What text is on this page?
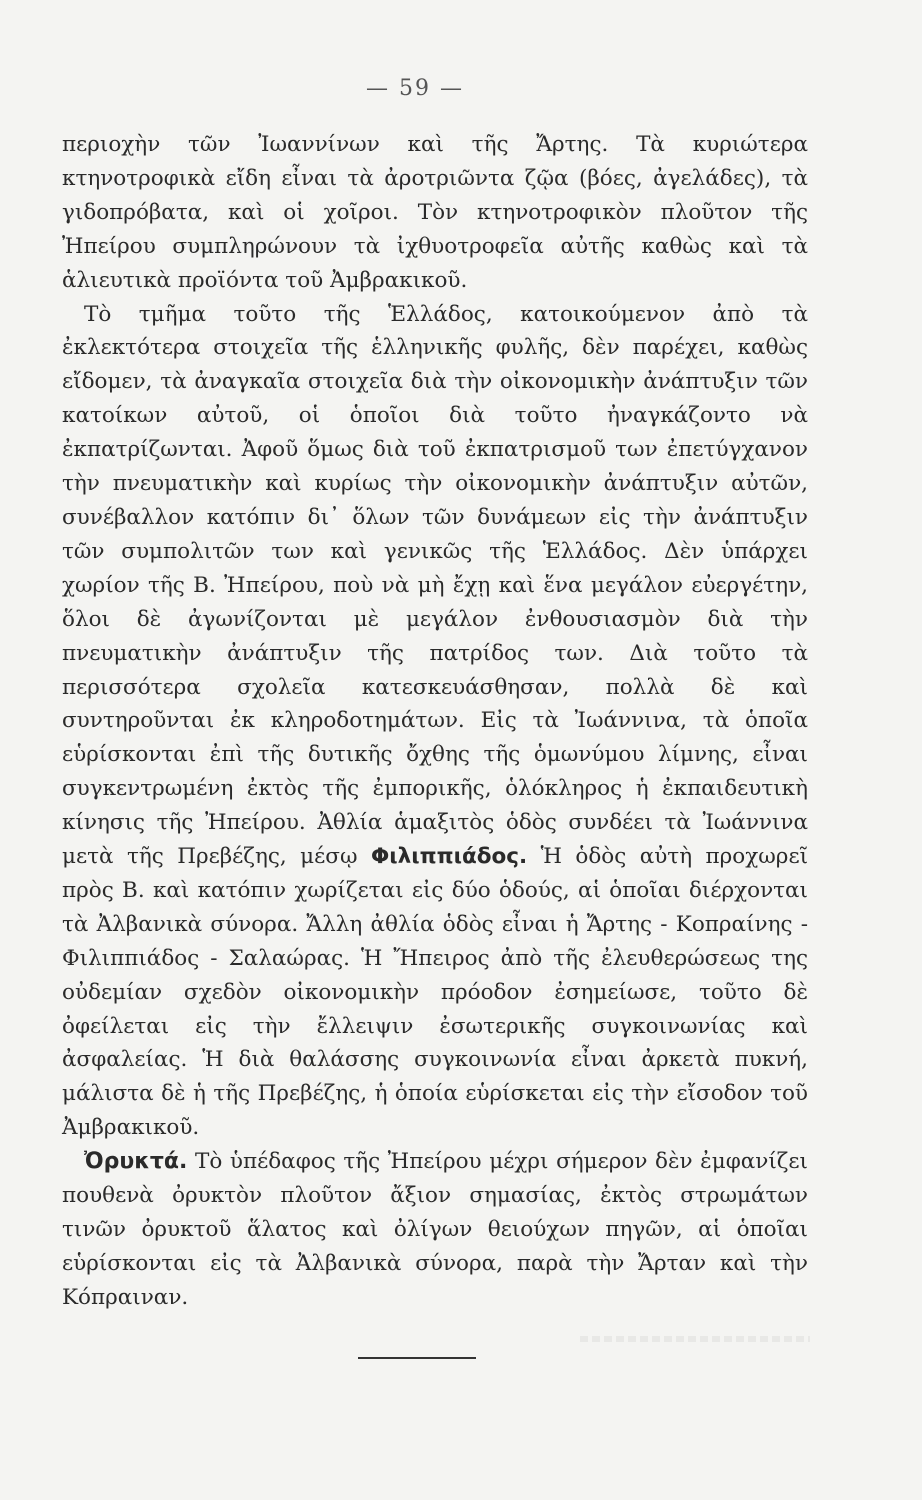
— 59 —

περιοχὴν τῶν Ἰωαννίνων καὶ τῆς Ἄρτης. Τὰ κυριώτερα κτηνοτροφικὰ εἴδη εἶναι τὰ ἀροτριῶντα ζῷα (βόες, ἀγελάδες), τὰ γιδοπρόβατα, καὶ οἱ χοῖροι. Τὸν κτηνοτροφικὸν πλοῦτον τῆς Ἠπείρου συμπληρώνουν τὰ ἰχθυοτροφεῖα αὐτῆς καθὼς καὶ τὰ ἁλιευτικὰ προϊόντα τοῦ Ἀμβρακικοῦ.

Τὸ τμῆμα τοῦτο τῆς Ἑλλάδος, κατοικούμενον ἀπὸ τὰ ἐκλεκτότερα στοιχεῖα τῆς ἑλληνικῆς φυλῆς, δὲν παρέχει, καθὼς εἴδομεν, τὰ ἀναγκαῖα στοιχεῖα διὰ τὴν οἰκονομικὴν ἀνάπτυξιν τῶν κατοίκων αὐτοῦ, οἱ ὁποῖοι διὰ τοῦτο ἠναγκάζοντο νὰ ἐκπατρίζωνται. Ἀφοῦ ὅμως διὰ τοῦ ἐκπατρισμοῦ των ἐπετύγχανον τὴν πνευματικὴν καὶ κυρίως τὴν οἰκονομικὴν ἀνάπτυξιν αὐτῶν, συνέβαλλον κατόπιν δι᾽ ὅλων τῶν δυνάμεων εἰς τὴν ἀνάπτυξιν τῶν συμπολιτῶν των καὶ γενικῶς τῆς Ἑλλάδος. Δὲν ὑπάρχει χωρίον τῆς Β. Ἠπείρου, ποὺ νὰ μὴ ἔχῃ καὶ ἕνα μεγάλον εὐεργέτην, ὅλοι δὲ ἀγωνίζονται μὲ μεγάλον ἐνθουσιασμὸν διὰ τὴν πνευματικὴν ἀνάπτυξιν τῆς πατρίδος των. Διὰ τοῦτο τὰ περισσότερα σχολεῖα κατεσκευάσθησαν, πολλὰ δὲ καὶ συντηροῦνται ἐκ κληροδοτημάτων. Εἰς τὰ Ἰωάννινα, τὰ ὁποῖα εὑρίσκονται ἐπὶ τῆς δυτικῆς ὄχθης τῆς ὁμωνύμου λίμνης, εἶναι συγκεντρωμένη ἐκτὸς τῆς ἐμπορικῆς, ὁλόκληρος ἡ ἐκπαιδευτικὴ κίνησις τῆς Ἠπείρου. Ἀθλία ἁμαξιτὸς ὁδὸς συνδέει τὰ Ἰωάννινα μετὰ τῆς Πρεβέζης, μέσῳ Φιλιππιάδος. Ἡ ὁδὸς αὐτὴ προχωρεῖ πρὸς Β. καὶ κατόπιν χωρίζεται εἰς δύο ὁδούς, αἱ ὁποῖαι διέρχονται τὰ Ἀλβανικὰ σύνορα. Ἄλλη ἀθλία ὁδὸς εἶναι ἡ Ἄρτης - Κοπραίνης - Φιλιππιάδος - Σαλαώρας. Ἡ Ἤπειρος ἀπὸ τῆς ἐλευθερώσεως της οὐδεμίαν σχεδὸν οἰκονομικὴν πρόοδον ἐσημείωσε, τοῦτο δὲ ὀφείλεται εἰς τὴν ἔλλειψιν ἐσωτερικῆς συγκοινωνίας καὶ ἀσφαλείας. Ἡ διὰ θαλάσσης συγκοινωνία εἶναι ἀρκετὰ πυκνή, μάλιστα δὲ ἡ τῆς Πρεβέζης, ἡ ὁποία εὑρίσκεται εἰς τὴν εἴσοδον τοῦ Ἀμβρακικοῦ.

Ὀρυκτά. Τὸ ὑπέδαφος τῆς Ἠπείρου μέχρι σήμερον δὲν ἐμφανίζει πουθενὰ ὀρυκτὸν πλοῦτον ἄξιον σημασίας, ἐκτὸς στρωμάτων τινῶν ὀρυκτοῦ ἅλατος καὶ ὀλίγων θειούχων πηγῶν, αἱ ὁποῖαι εὑρίσκονται εἰς τὰ Ἀλβανικὰ σύνορα, παρὰ τὴν Ἄρταν καὶ τὴν Κόπραιναν.
